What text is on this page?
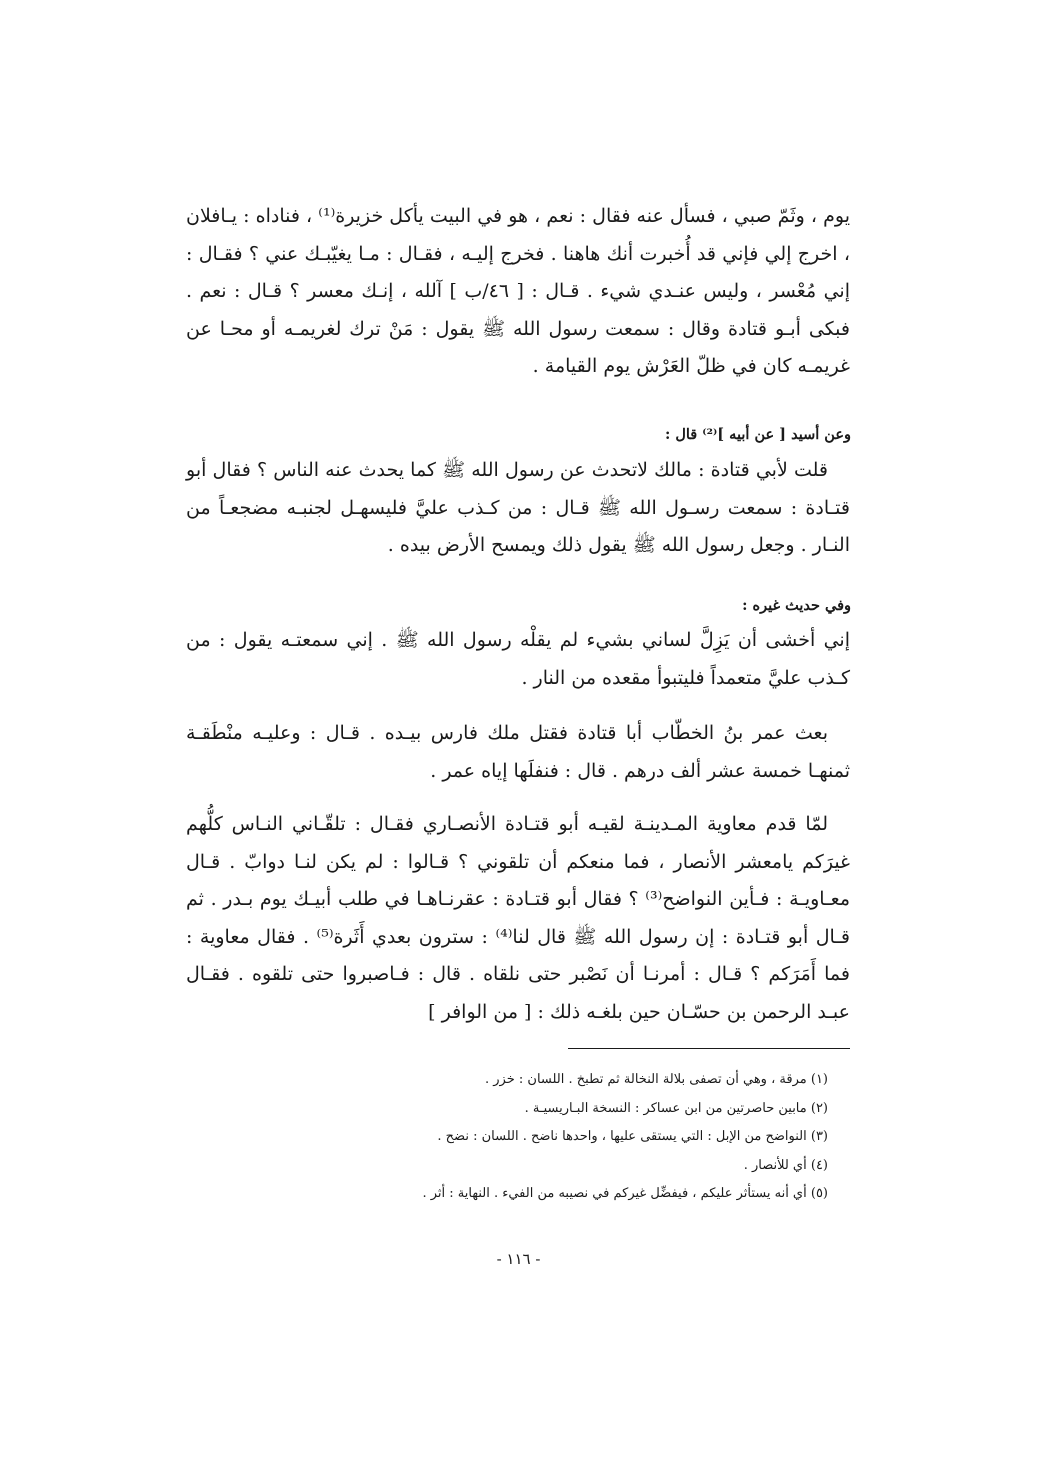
يوم ، وثَمّ صبي ، فسأل عنه فقال : نعم ، هو في البيت يأكل خزيرة⁽¹⁾ ، فناداه : يـافلان ، اخرج إلي فإني قد أُخبرت أنك هاهنا . فخرج إليـه ، فقـال : مـا يغيّبـك عني ؟ فقـال : إني مُعْسر ، وليس عنـدي شيء . قـال : [ ٤٦/ب ] آلله ، إنـك معسر ؟ قـال : نعم . فبكى أبـو قتادة وقال : سمعت رسول الله ﷺ يقول : مَنْ ترك لغريمـه أو محـا عن غريمـه كان في ظلّ العَرْش يوم القيامة .

وعن أسيد [ عن أبيه ]⁽²⁾ قال :

قلت لأبي قتادة : مالك لاتحدث عن رسول الله ﷺ كما يحدث عنه الناس ؟ فقال أبو قتـادة : سمعت رسـول الله ﷺ قـال : من كـذب عليَّ فليسهـل لجنبـه مضجعـاً من النـار . وجعل رسول الله ﷺ يقول ذلك ويمسح الأرض بيده .

وفي حديث غيره :

إني أخشى أن يَزِلَّ لساني بشيء لم يقلْه رسول الله ﷺ . إني سمعتـه يقول : من كـذب عليَّ متعمداً فليتبوأ مقعده من النار .

بعث عمر بنُ الخطّاب أبا قتادة فقتل ملك فارس بيـده . قـال : وعليـه منْطَقـة ثمنهـا خمسة عشر ألف درهم . قال : فنفلَها إياه عمر .

لمّا قدم معاوية المـدينـة لقيـه أبو قتـادة الأنصـاري فقـال : تلقّـاني النـاس كلُّهم غيرَكم يامعشر الأنصار ، فما منعكم أن تلقوني ؟ قـالوا : لم يكن لنـا دوابّ . قـال معـاويـة : فـأين النواضح⁽³⁾ ؟ فقال أبو قتـادة : عقرنـاهـا في طلب أبيـك يوم بـدر . ثم قـال أبو قتـادة : إن رسول الله ﷺ قال لنا⁽⁴⁾ : سترون بعدي أَثَرة⁽⁵⁾ . فقال معاوية : فما أَمَرَكم ؟ قـال : أمرنـا أن نَصْبر حتى نلقاه . قال : فـاصبروا حتى تلقوه . فقـال عبـد الرحمن بن حسّـان حين بلغـه ذلك : [ من الوافر ]

(١) مرقة ، وهي أن تصفى بلالة النخالة ثم تطبخ . اللسان : خزر .
(٢) مابين حاصرتين من ابن عساكر : النسخة البـاريسيـة .
(٣) النواضح من الإبل : التي يستقى عليها ، واحدها ناضح . اللسان : نضح .
(٤) أي للأنصار .
(٥) أي أنه يستأثر عليكم ، فيفضِّل غيركم في نصيبه من الفيء . النهاية : أثر .
- ١١٦ -
